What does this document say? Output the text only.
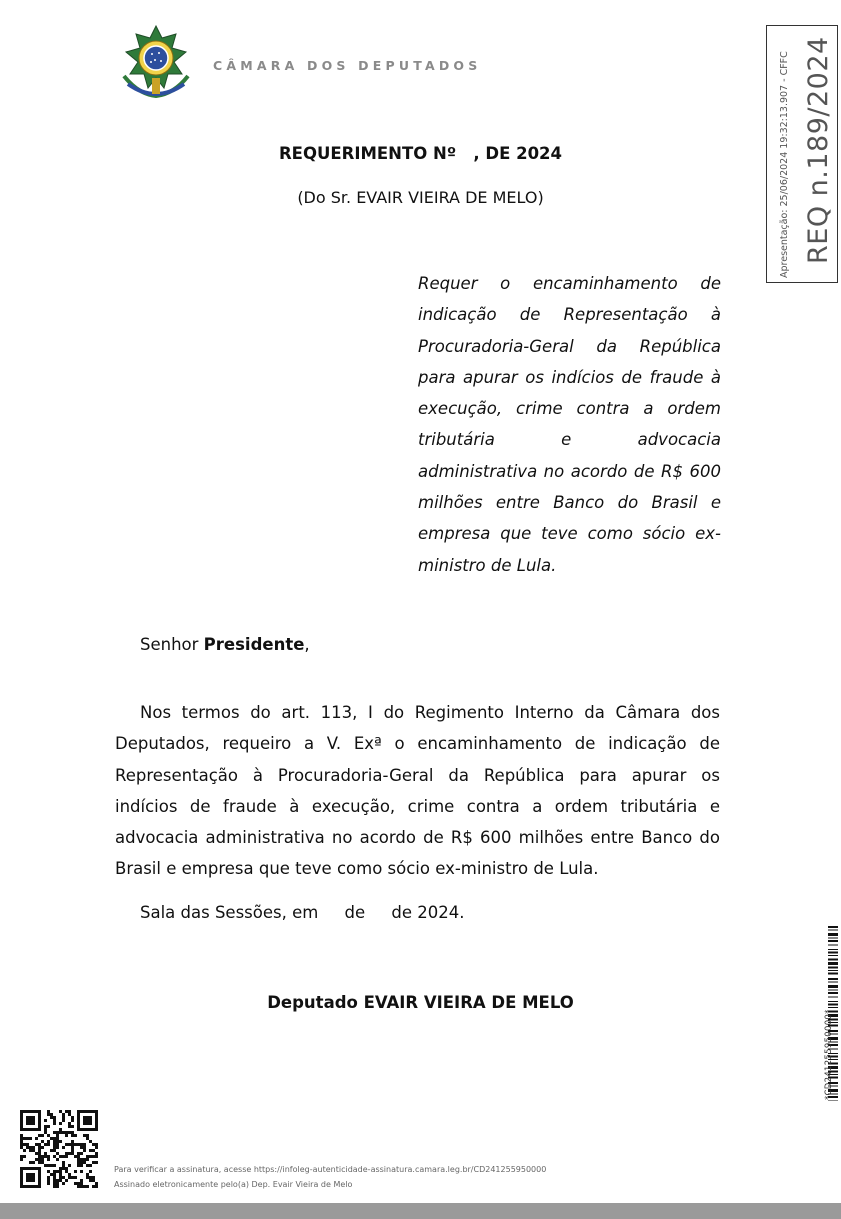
CÂMARA DOS DEPUTADOS	Apresentação: 25/06/2024 19:32:13.907 - CFFC REQ n.189/2024
REQUERIMENTO Nº   , DE 2024
(Do Sr. EVAIR VIEIRA DE MELO)
Requer o encaminhamento de indicação de Representação à Procuradoria-Geral da República para apurar os indícios de fraude à execução, crime contra a ordem tributária e advocacia administrativa no acordo de R$ 600 milhões entre Banco do Brasil e empresa que teve como sócio ex-ministro de Lula.
Senhor Presidente,
Nos termos do art. 113, I do Regimento Interno da Câmara dos Deputados, requeiro a V. Exª o encaminhamento de indicação de Representação à Procuradoria-Geral da República para apurar os indícios de fraude à execução, crime contra a ordem tributária e advocacia administrativa no acordo de R$ 600 milhões entre Banco do Brasil e empresa que teve como sócio ex-ministro de Lula.
Sala das Sessões, em     de     de 2024.
Deputado EVAIR VIEIRA DE MELO
*CD241255950000*
Para verificar a assinatura, acesse https://infoleg-autenticidade-assinatura.camara.leg.br/CD241255950000
Assinado eletronicamente pelo(a) Dep. Evair Vieira de Melo
